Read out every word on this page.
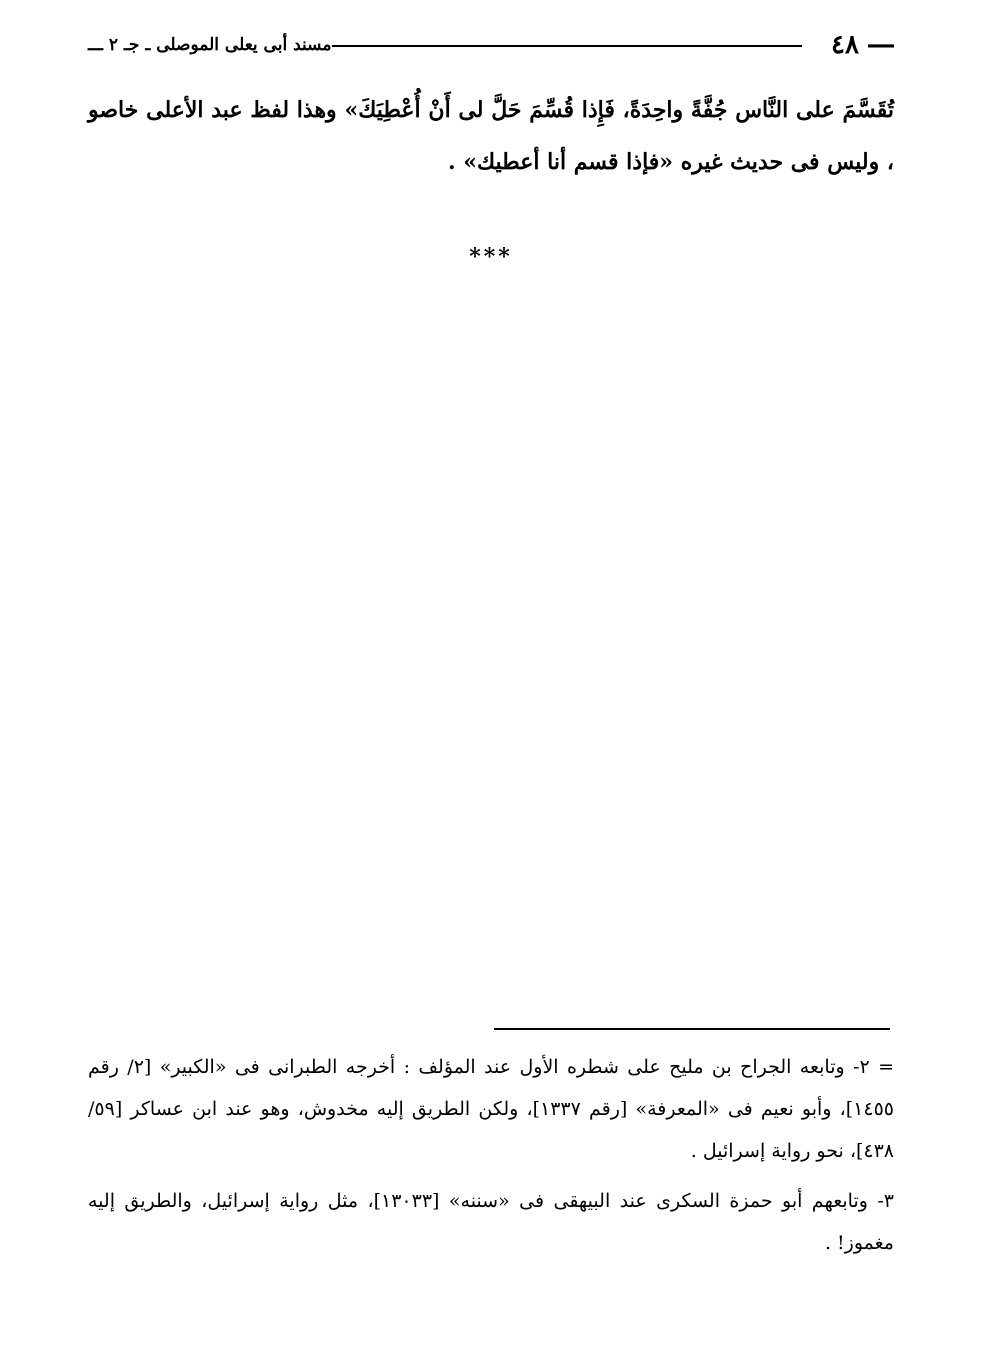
― ٤٨
مسند أبى يعلى الموصلى ـ جـ ٢ ـــ

تُقَسَّمَ على النَّاس جُفَّةً واحِدَةً، فَإِذا قُسِّمَ حَلَّ لى أَنْ أُعْطِيَكَ» وهذا لفظ عبد الأعلى خاصو ، وليس فى حديث غيره «فإذا قسم أنا أعطيك» .

***

= ٢- وتابعه الجراح بن مليح على شطره الأول عند المؤلف : أخرجه الطبرانى فى «الكبير» [٢/ رقم ١٤٥٥]، وأبو نعيم فى «المعرفة» [رقم ١٣٣٧]، ولكن الطريق إليه مخدوش، وهو عند ابن عساكر [٥٩/ ٤٣٨]، نحو رواية إسرائيل .

٣- وتابعهم أبو حمزة السكرى عند البيهقى فى «سننه» [١٣٠٣٣]، مثل رواية إسرائيل، والطريق إليه مغموز! .
